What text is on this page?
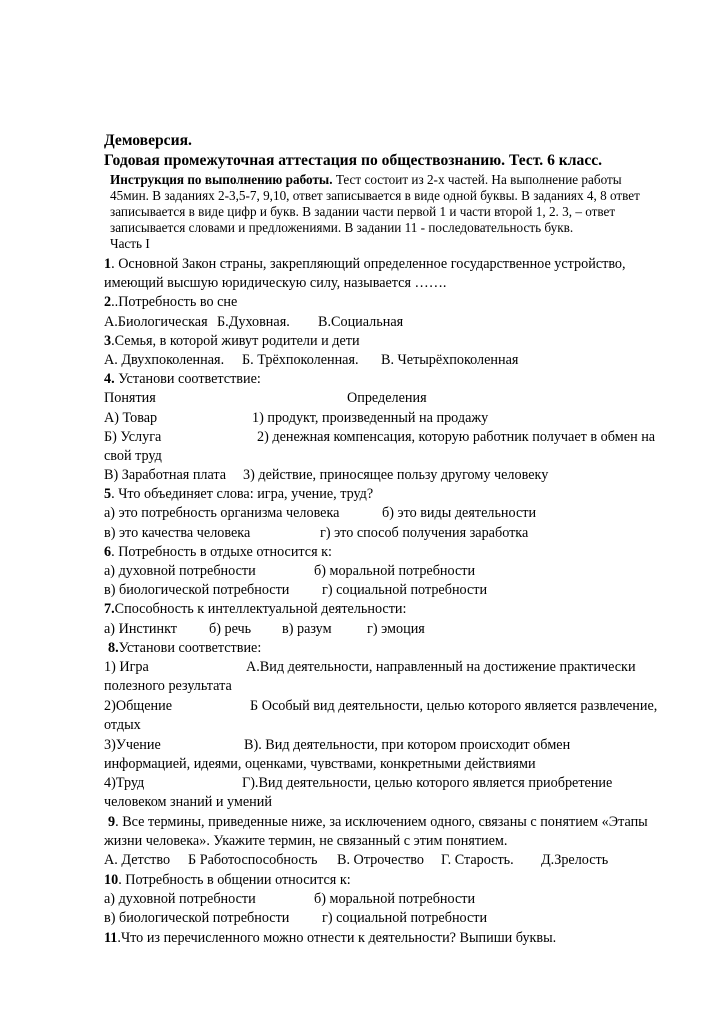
Демоверсия.
Годовая промежуточная аттестация по обществознанию. Тест. 6 класс.
Инструкция по выполнению работы. Тест состоит из 2-х частей. На выполнение работы
45мин. В заданиях 2-3,5-7, 9,10, ответ записывается в виде одной буквы. В заданиях 4, 8 ответ
записывается в виде цифр и букв. В задании части первой 1 и части второй 1, 2. 3, – ответ
записывается словами и предложениями. В задании 11 - последовательность букв.
Часть I
1. Основной Закон страны, закрепляющий определенное государственное устройство,
имеющий высшую юридическую силу, называется …….
2..Потребность во сне
А.Биологическая Б.Духовная. В.Социальная
3.Семья, в которой живут родители и дети
А. Двухпоколенная. Б. Трёхпоколенная. В. Четырёхпоколенная
4. Установи соответствие:
Понятия	Определения
А) Товар	1) продукт, произведенный на продажу
Б) Услуга	2) денежная компенсация, которую работник получает в обмен на
свой труд
В) Заработная плата 3) действие, приносящее пользу другому человеку
5. Что объединяет слова: игра, учение, труд?
а) это потребность организма человека	б) это виды деятельности
в) это качества человека	г) это способ получения заработка
6. Потребность в отдыхе относится к:
а) духовной потребности	б) моральной потребности
в) биологической потребности г) социальной потребности
7.Способность к интеллектуальной деятельности:
а) Инстинкт б) речь в) разум г) эмоция
8.Установи соответствие:
1) Игра	А.Вид деятельности, направленный на достижение практически
полезного результата
2)Общение	Б Особый вид деятельности, целью которого является развлечение,
отдых
3)Учение	В). Вид деятельности, при котором происходит обмен
информацией, идеями, оценками, чувствами, конкретными действиями
4)Труд	Г).Вид деятельности, целью которого является приобретение
человеком знаний и умений
9. Все термины, приведенные ниже, за исключением одного, связаны с понятием «Этапы
жизни человека». Укажите термин, не связанный с этим понятием.
А. Детство Б Работоспособность В. Отрочество Г. Старость. Д.Зрелость
10. Потребность в общении относится к:
а) духовной потребности	б) моральной потребности
в) биологической потребности г) социальной потребности
11.Что из перечисленного можно отнести к деятельности? Выпиши буквы.
